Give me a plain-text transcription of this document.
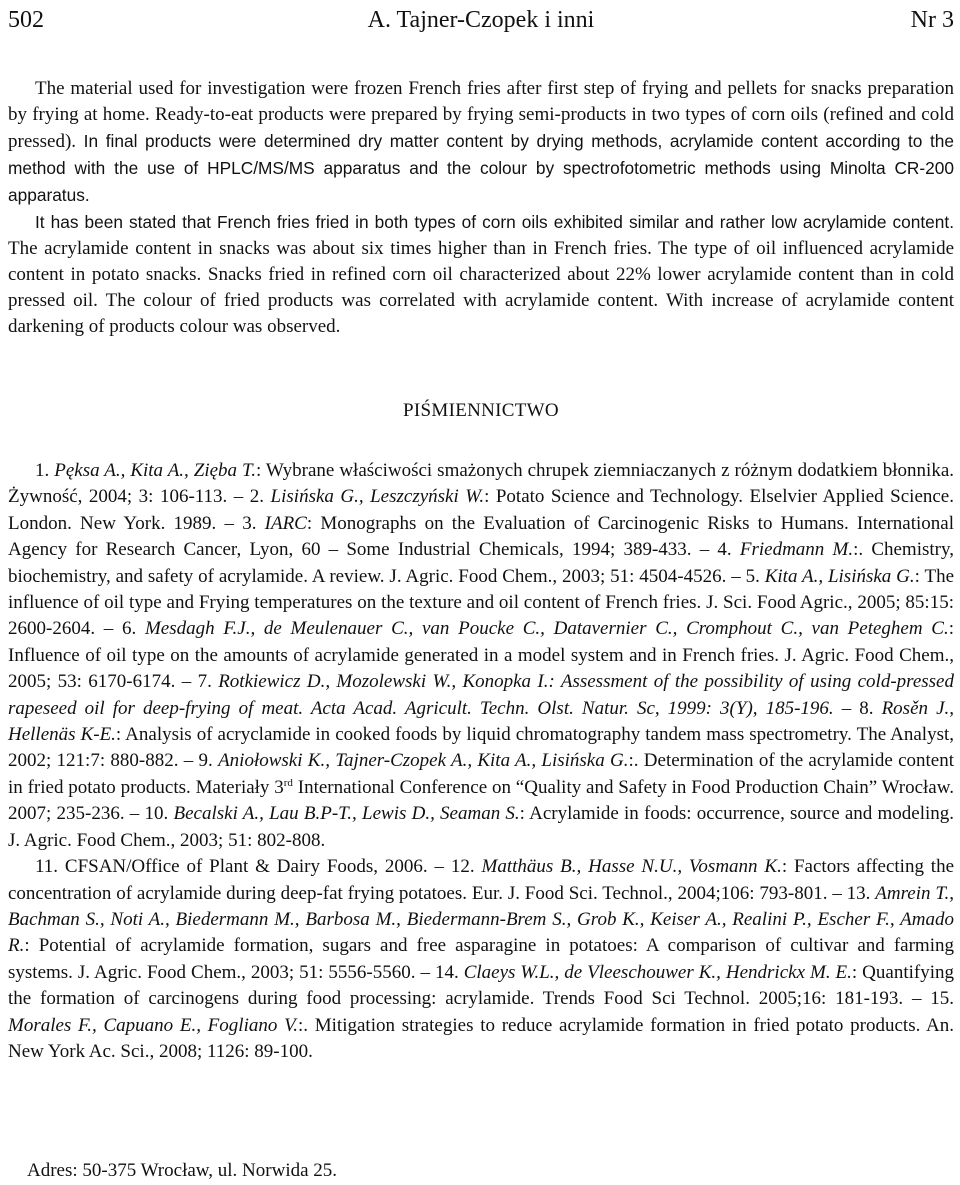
502	A. Tajner-Czopek i inni	Nr 3

The material used for investigation were frozen French fries after first step of frying and pellets for snacks preparation by frying at home. Ready-to-eat products were prepared by frying semi-products in two types of corn oils (refined and cold pressed). In final products were determined dry matter content by drying methods, acrylamide content according to the method with the use of HPLC/MS/MS apparatus and the colour by spectrofotometric methods using Minolta CR-200 apparatus.

It has been stated that French fries fried in both types of corn oils exhibited similar and rather low acrylamide content. The acrylamide content in snacks was about six times higher than in French fries. The type of oil influenced acrylamide content in potato snacks. Snacks fried in refined corn oil characterized about 22% lower acrylamide content than in cold pressed oil. The colour of fried products was correlated with acrylamide content. With increase of acrylamide content darkening of products colour was observed.

PIŚMIENNICTWO

1. Pęksa A., Kita A., Zięba T.: Wybrane właściwości smażonych chrupek ziemniaczanych z różnym dodatkiem błonnika. Żywność, 2004; 3: 106-113. – 2. Lisińska G., Leszczyński W.: Potato Science and Technology. Elselvier Applied Science. London. New York. 1989. – 3. IARC: Monographs on the Evaluation of Carcinogenic Risks to Humans. International Agency for Research Cancer, Lyon, 60 – Some Industrial Chemicals, 1994; 389-433. – 4. Friedmann M.:. Chemistry, biochemistry, and safety of acrylamide. A review. J. Agric. Food Chem., 2003; 51: 4504-4526. – 5. Kita A., Lisińska G.: The influence of oil type and Frying temperatures on the texture and oil content of French fries. J. Sci. Food Agric., 2005; 85:15: 2600-2604. – 6. Mesdagh F.J., de Meulenauer C., van Poucke C., Datavernier C., Cromphout C., van Peteghem C.: Influence of oil type on the amounts of acrylamide generated in a model system and in French fries. J. Agric. Food Chem., 2005; 53: 6170-6174. – 7. Rotkiewicz D., Mozolewski W., Konopka I.: Assessment of the possibility of using cold-pressed rapeseed oil for deep-frying of meat. Acta Acad. Agricult. Techn. Olst. Natur. Sc, 1999: 3(Y), 185-196. – 8. Rosěn J., Hellenäs K-E.: Analysis of acryclamide in cooked foods by liquid chromatography tandem mass spectrometry. The Analyst, 2002; 121:7: 880-882. – 9. Aniołowski K., Tajner-Czopek A., Kita A., Lisińska G.:. Determination of the acrylamide content in fried potato products. Materiały 3rd International Conference on “Quality and Safety in Food Production Chain” Wrocław. 2007; 235-236. – 10. Becalski A., Lau B.P-T., Lewis D., Seaman S.: Acrylamide in foods: occurrence, source and modeling. J. Agric. Food Chem., 2003; 51: 802-808.

11. CFSAN/Office of Plant & Dairy Foods, 2006. – 12. Matthäus B., Hasse N.U., Vosmann K.: Factors affecting the concentration of acrylamide during deep-fat frying potatoes. Eur. J. Food Sci. Technol., 2004;106: 793-801. – 13. Amrein T., Bachman S., Noti A., Biedermann M., Barbosa M., Biedermann-Brem S., Grob K., Keiser A., Realini P., Escher F., Amado R.: Potential of acrylamide formation, sugars and free asparagine in potatoes: A comparison of cultivar and farming systems. J. Agric. Food Chem., 2003; 51: 5556-5560. – 14. Claeys W.L., de Vleeschouwer K., Hendrickx M. E.: Quantifying the formation of carcinogens during food processing: acrylamide. Trends Food Sci Technol. 2005;16: 181-193. – 15. Morales F., Capuano E., Fogliano V.:. Mitigation strategies to reduce acrylamide formation in fried potato products. An. New York Ac. Sci., 2008; 1126: 89-100.

Adres: 50-375 Wrocław, ul. Norwida 25.
